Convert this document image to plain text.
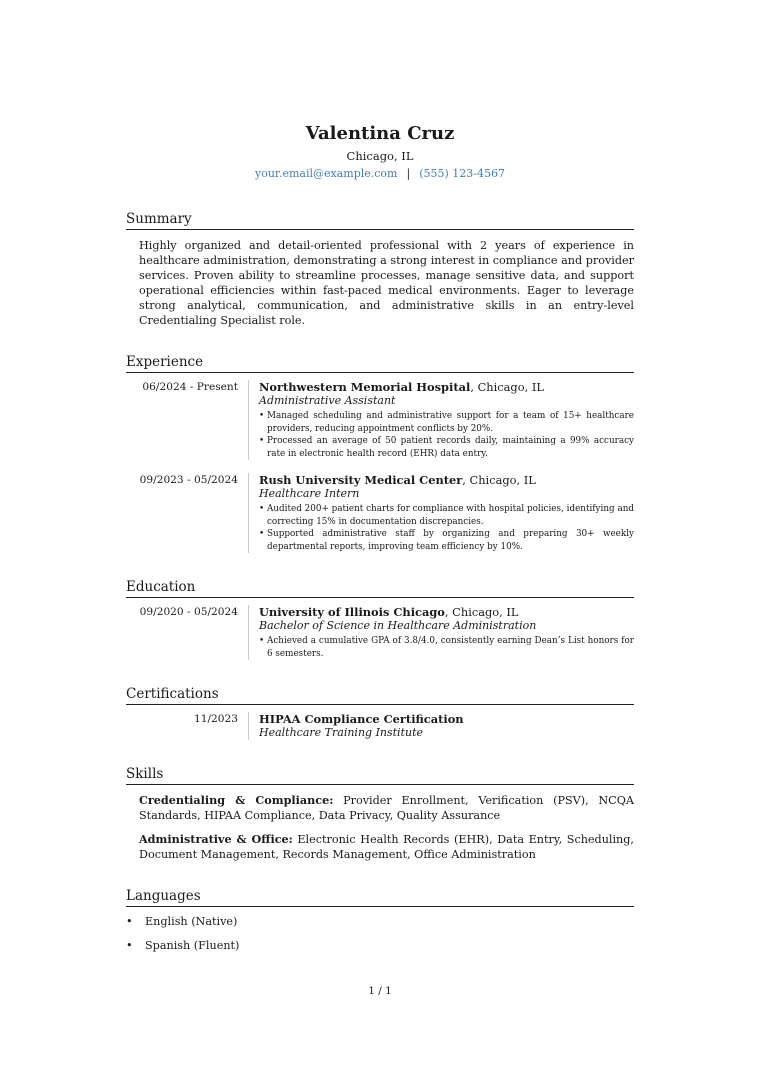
Valentina Cruz
Chicago, IL
your.email@example.com | (555) 123-4567
Summary
Highly organized and detail-oriented professional with 2 years of experience in healthcare administration, demonstrating a strong interest in compliance and provider services. Proven ability to streamline processes, manage sensitive data, and support operational efficiencies within fast-paced medical environments. Eager to leverage strong analytical, communication, and administrative skills in an entry-level Credentialing Specialist role.
Experience
06/2024 - Present	Northwestern Memorial Hospital, Chicago, IL
Administrative Assistant
• Managed scheduling and administrative support for a team of 15+ healthcare providers, reducing appointment conflicts by 20%.
• Processed an average of 50 patient records daily, maintaining a 99% accuracy rate in electronic health record (EHR) data entry.
09/2023 - 05/2024	Rush University Medical Center, Chicago, IL
Healthcare Intern
• Audited 200+ patient charts for compliance with hospital policies, identifying and correcting 15% in documentation discrepancies.
• Supported administrative staff by organizing and preparing 30+ weekly departmental reports, improving team efficiency by 10%.
Education
09/2020 - 05/2024	University of Illinois Chicago, Chicago, IL
Bachelor of Science in Healthcare Administration
• Achieved a cumulative GPA of 3.8/4.0, consistently earning Dean’s List honors for 6 semesters.
Certifications
11/2023	HIPAA Compliance Certification
Healthcare Training Institute
Skills
Credentialing & Compliance: Provider Enrollment, Verification (PSV), NCQA Standards, HIPAA Compliance, Data Privacy, Quality Assurance
Administrative & Office: Electronic Health Records (EHR), Data Entry, Scheduling, Document Management, Records Management, Office Administration
Languages
• English (Native)
• Spanish (Fluent)
1 / 1
